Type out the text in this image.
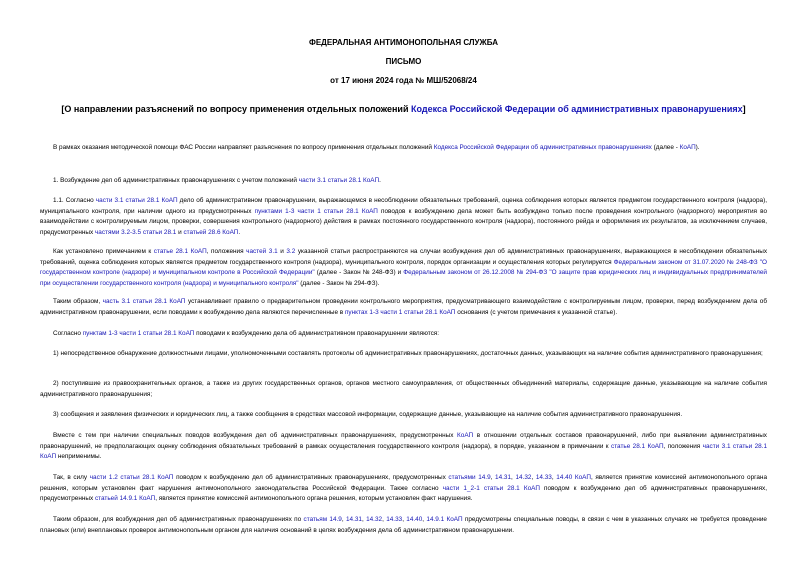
ФЕДЕРАЛЬНАЯ АНТИМОНОПОЛЬНАЯ СЛУЖБА
ПИСЬМО
от 17 июня 2024 года № МШ/52068/24
[О направлении разъяснений по вопросу применения отдельных положений Кодекса Российской Федерации об административных правонарушениях]

В рамках оказания методической помощи ФАС России направляет разъяснения по вопросу применения отдельных положений Кодекса Российской Федерации об административных правонарушениях (далее - КоАП).

1. Возбуждение дел об административных правонарушениях с учетом положений части 3.1 статьи 28.1 КоАП.

1.1. Согласно части 3.1 статьи 28.1 КоАП дело об административном правонарушении, выражающемся в несоблюдении обязательных требований, оценка соблюдения которых является предметом государственного контроля (надзора), муниципального контроля, при наличии одного из предусмотренных пунктами 1-3 части 1 статьи 28.1 КоАП поводов к возбуждению дела может быть возбуждено только после проведения контрольного (надзорного) мероприятия во взаимодействии с контролируемым лицом, проверки, совершения контрольного (надзорного) действия в рамках постоянного государственного контроля (надзора), постоянного рейда и оформления их результатов, за исключением случаев, предусмотренных частями 3.2-3.5 статьи 28.1 и статьей 28.6 КоАП.

Как установлено примечанием к статье 28.1 КоАП, положения частей 3.1 и 3.2 указанной статьи распространяются на случаи возбуждения дел об административных правонарушениях, выражающихся в несоблюдении обязательных требований, оценка соблюдения которых является предметом государственного контроля (надзора), муниципального контроля, порядок организации и осуществления которых регулируется Федеральным законом от 31.07.2020 № 248-ФЗ "О государственном контроле (надзоре) и муниципальном контроле в Российской Федерации" (далее - Закон № 248-ФЗ) и Федеральным законом от 26.12.2008 № 294-ФЗ "О защите прав юридических лиц и индивидуальных предпринимателей при осуществлении государственного контроля (надзора) и муниципального контроля" (далее - Закон № 294-ФЗ).

Таким образом, часть 3.1 статьи 28.1 КоАП устанавливает правило о предварительном проведении контрольного мероприятия, предусматривающего взаимодействие с контролируемым лицом, проверки, перед возбуждением дела об административном правонарушении, если поводами к возбуждению дела являются перечисленные в пунктах 1-3 части 1 статьи 28.1 КоАП основания (с учетом примечания к указанной статье).

Согласно пунктам 1-3 части 1 статьи 28.1 КоАП поводами к возбуждению дела об административном правонарушении являются:

1) непосредственное обнаружение должностными лицами, уполномоченными составлять протоколы об административных правонарушениях, достаточных данных, указывающих на наличие события административного правонарушения;

2) поступившие из правоохранительных органов, а также из других государственных органов, органов местного самоуправления, от общественных объединений материалы, содержащие данные, указывающие на наличие события административного правонарушения;

3) сообщения и заявления физических и юридических лиц, а также сообщения в средствах массовой информации, содержащие данные, указывающие на наличие события административного правонарушения.

Вместе с тем при наличии специальных поводов возбуждения дел об административных правонарушениях, предусмотренных КоАП в отношении отдельных составов правонарушений, либо при выявлении административных правонарушений, не предполагающих оценку соблюдения обязательных требований в рамках осуществления государственного контроля (надзора), в порядке, указанном в примечании к статье 28.1 КоАП, положения части 3.1 статьи 28.1 КоАП неприменимы.

Так, в силу части 1.2 статьи 28.1 КоАП поводом к возбуждению дел об административных правонарушениях, предусмотренных статьями 14.9, 14.31, 14.32, 14.33, 14.40 КоАП, является принятие комиссией антимонопольного органа решения, которым установлен факт нарушения антимонопольного законодательства Российской Федерации. Также согласно части 1_2-1 статьи 28.1 КоАП поводом к возбуждению дел об административных правонарушениях, предусмотренных статьей 14.9.1 КоАП, является принятие комиссией антимонопольного органа решения, которым установлен факт нарушения.

Таким образом, для возбуждения дел об административных правонарушениях по статьям 14.9, 14.31, 14.32, 14.33, 14.40, 14.9.1 КоАП предусмотрены специальные поводы, в связи с чем в указанных случаях не требуется проведение плановых (или) внеплановых проверок антимонопольным органом для наличия оснований в целях возбуждения дела об административном правонарушении.
